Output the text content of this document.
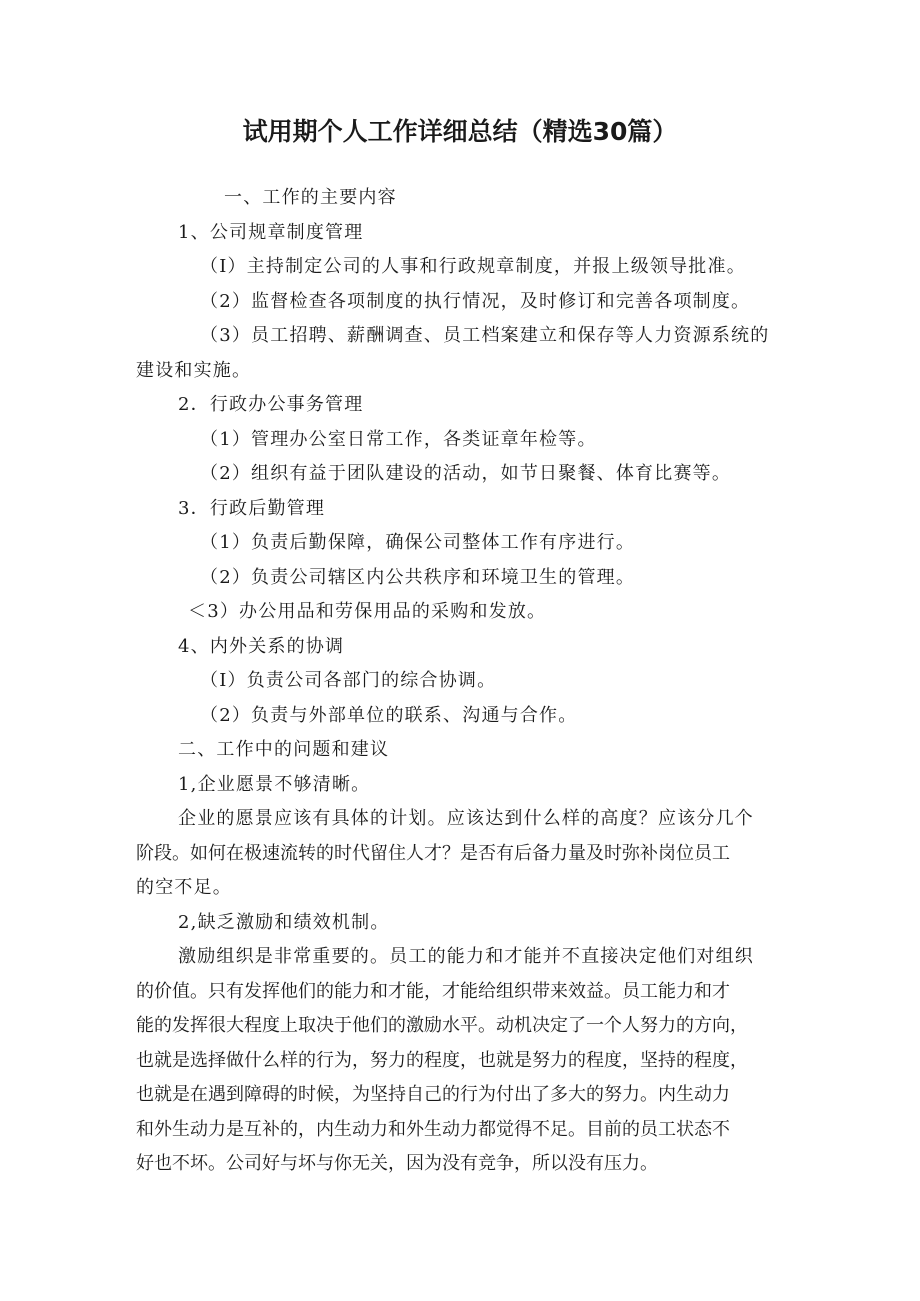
试用期个人工作详细总结（精选30篇）
一、工作的主要内容
1、公司规章制度管理
（I）主持制定公司的人事和行政规章制度，并报上级领导批准。
（2）监督检查各项制度的执行情况，及时修订和完善各项制度。
（3）员工招聘、薪酬调查、员工档案建立和保存等人力资源系统的
建设和实施。
2．行政办公事务管理
（1）管理办公室日常工作，各类证章年检等。
（2）组织有益于团队建设的活动，如节日聚餐、体育比赛等。
3．行政后勤管理
（1）负责后勤保障，确保公司整体工作有序进行。
（2）负责公司辖区内公共秩序和环境卫生的管理。
＜3）办公用品和劳保用品的采购和发放。
4、内外关系的协调
（I）负责公司各部门的综合协调。
（2）负责与外部单位的联系、沟通与合作。
二、工作中的问题和建议
1,企业愿景不够清晰。
企业的愿景应该有具体的计划。应该达到什么样的高度？应该分几个
阶段。如何在极速流转的时代留住人才？是否有后备力量及时弥补岗位员工
的空不足。
2,缺乏激励和绩效机制。
激励组织是非常重要的。员工的能力和才能并不直接决定他们对组织
的价值。只有发挥他们的能力和才能，才能给组织带来效益。员工能力和才
能的发挥很大程度上取决于他们的激励水平。动机决定了一个人努力的方向，
也就是选择做什么样的行为，努力的程度，也就是努力的程度，坚持的程度，
也就是在遇到障碍的时候，为坚持自己的行为付出了多大的努力。内生动力
和外生动力是互补的，内生动力和外生动力都觉得不足。目前的员工状态不
好也不坏。公司好与坏与你无关，因为没有竞争，所以没有压力。
